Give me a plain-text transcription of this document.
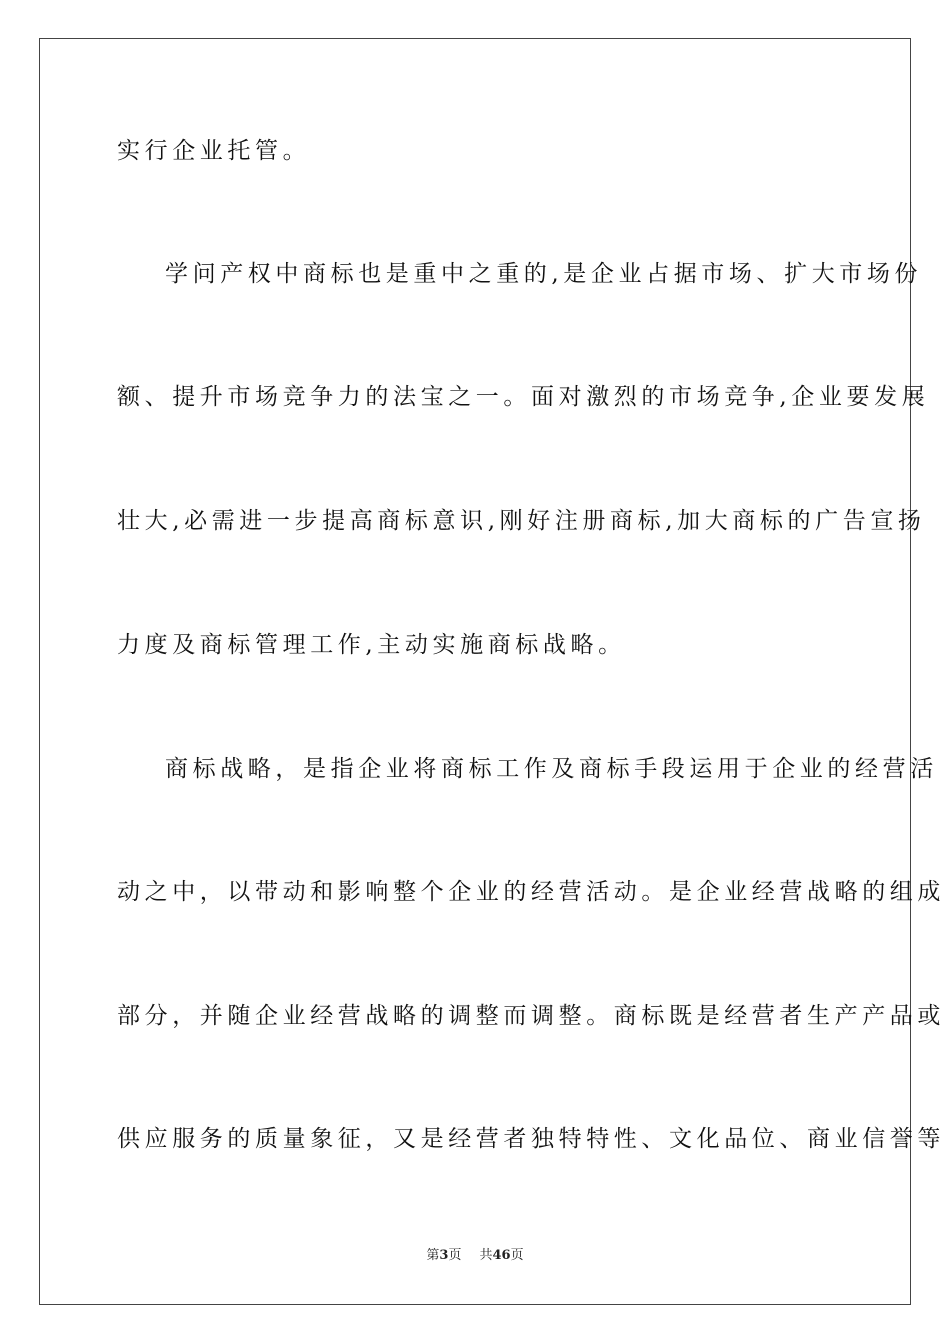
实行企业托管。

学问产权中商标也是重中之重的,是企业占据市场、扩大市场份

额、提升市场竞争力的法宝之一。面对激烈的市场竞争,企业要发展

壮大,必需进一步提高商标意识,刚好注册商标,加大商标的广告宣扬

力度及商标管理工作,主动实施商标战略。

商标战略，是指企业将商标工作及商标手段运用于企业的经营活

动之中，以带动和影响整个企业的经营活动。是企业经营战略的组成

部分，并随企业经营战略的调整而调整。商标既是经营者生产产品或

供应服务的质量象征，又是经营者独特特性、文化品位、商业信誉等

第3页 共46页
